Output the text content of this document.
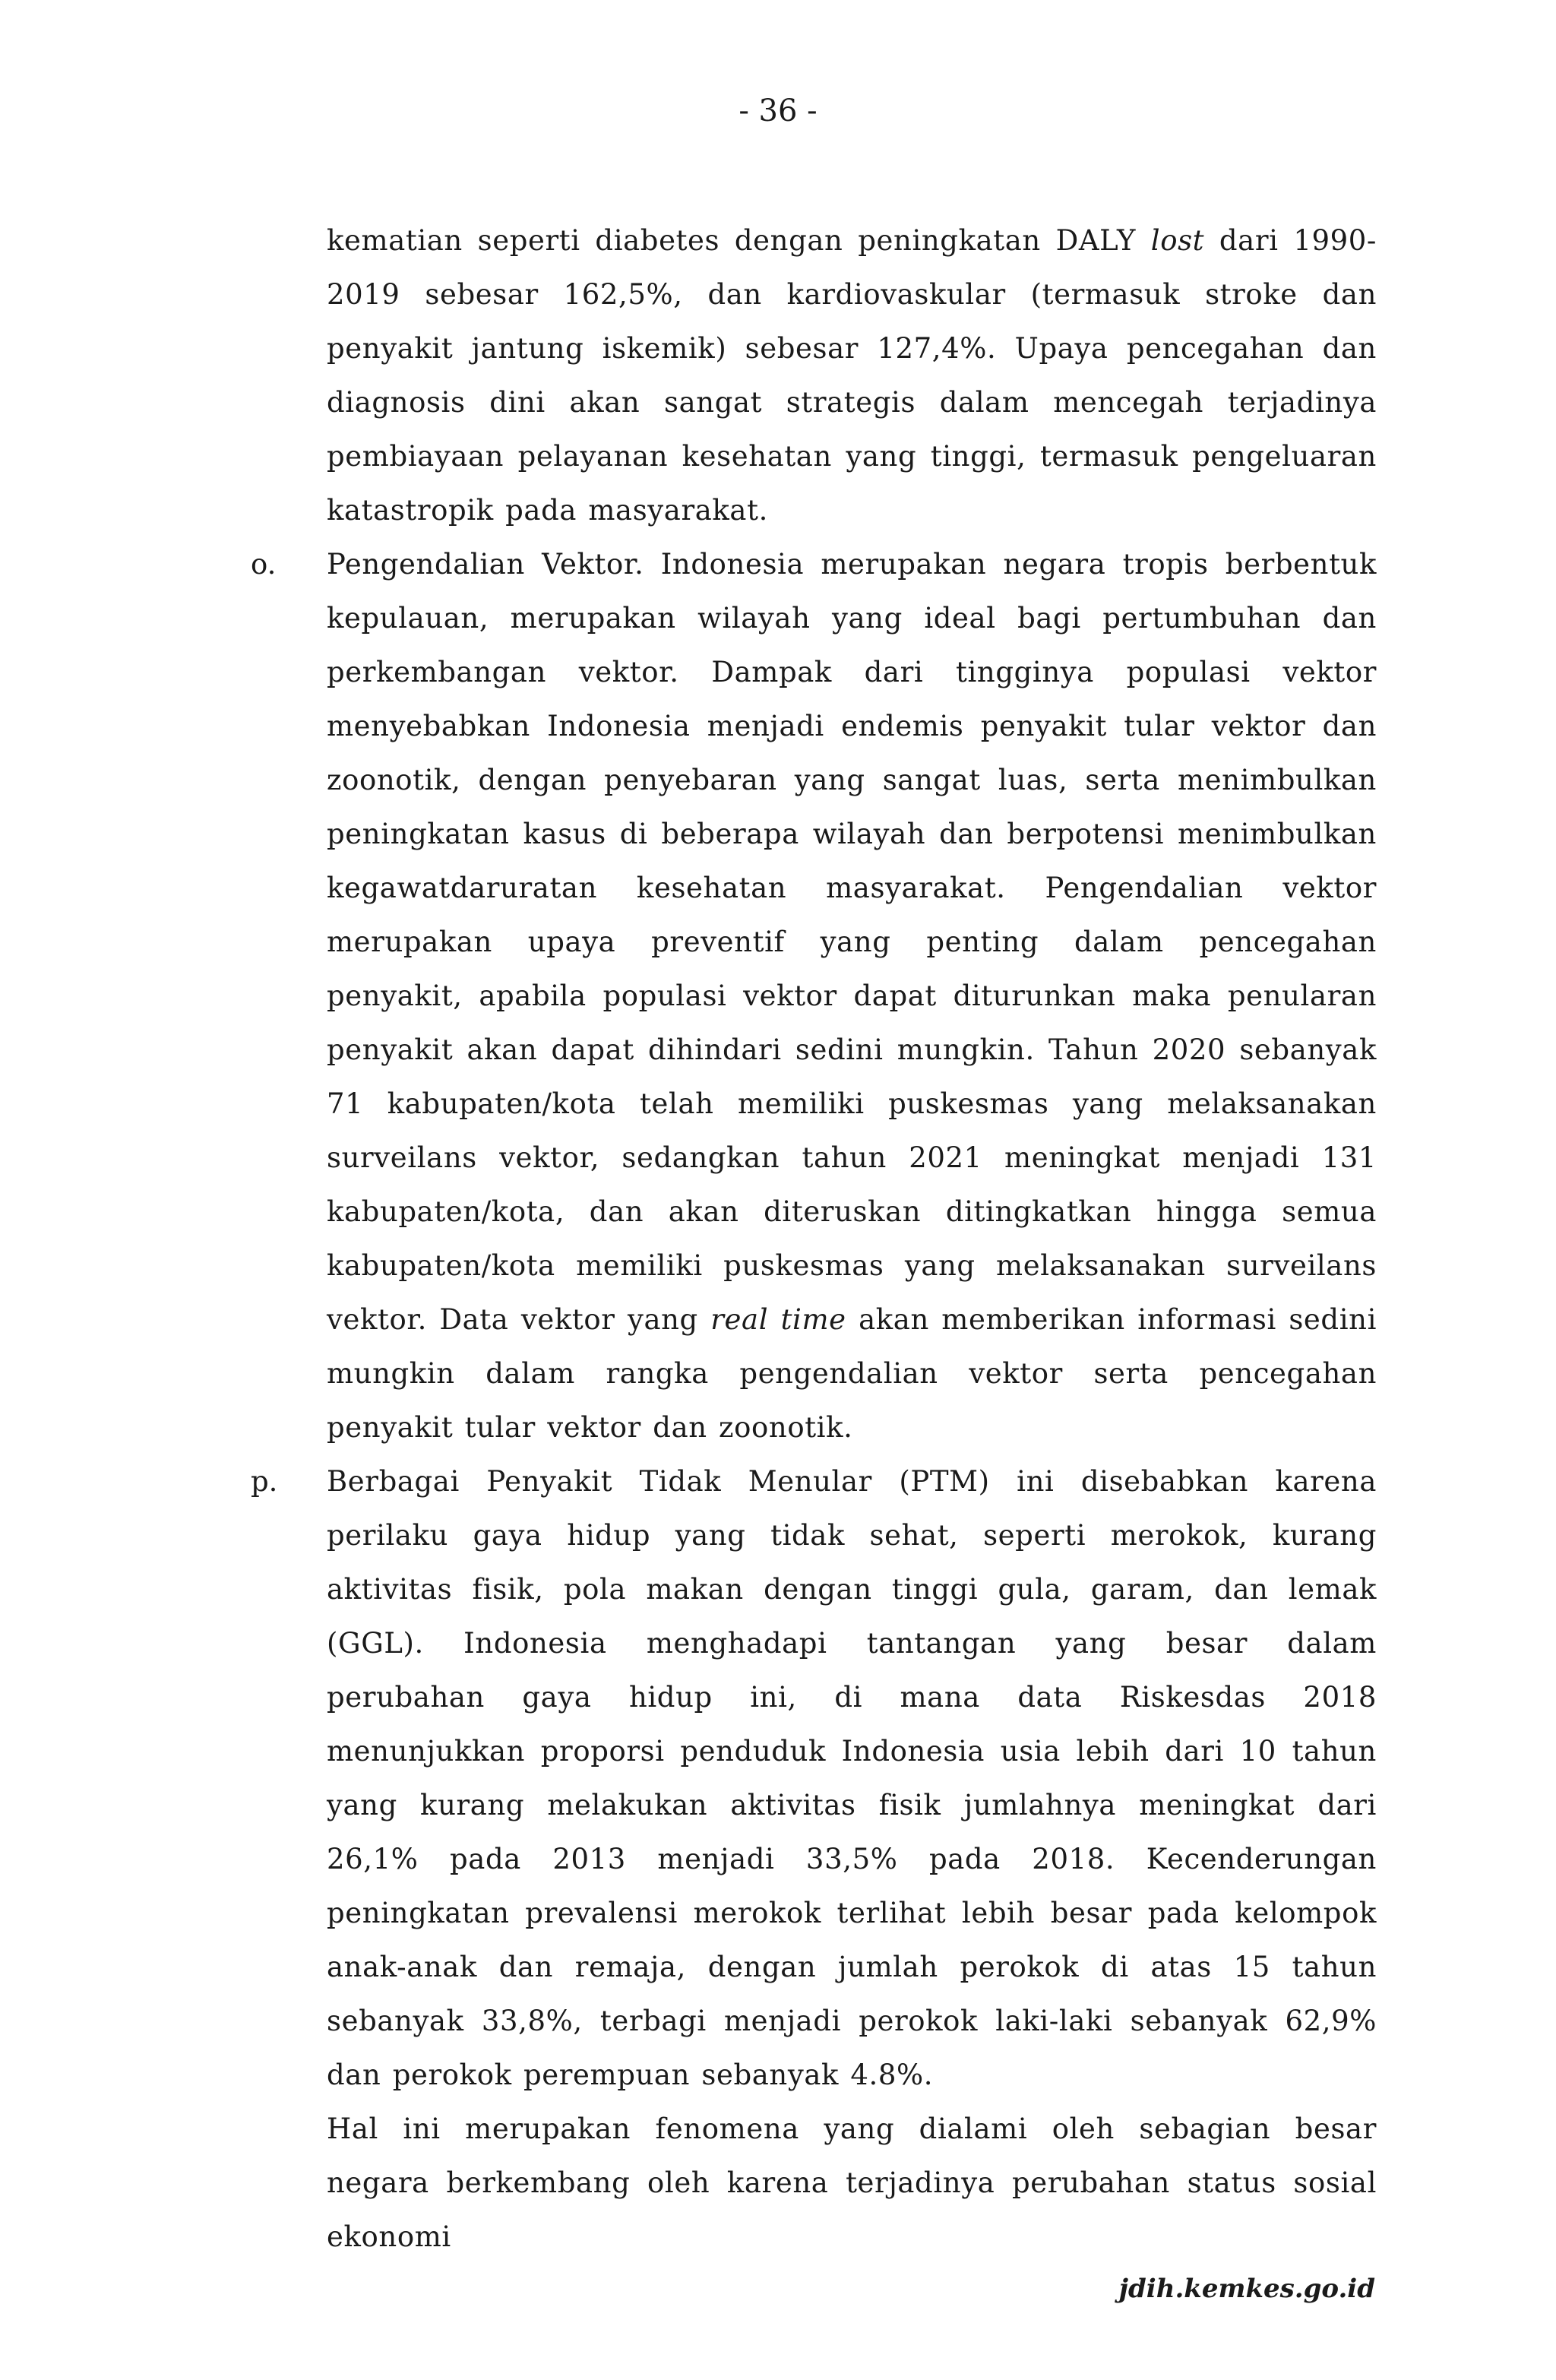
- 36 -

kematian seperti diabetes dengan peningkatan DALY lost dari 1990-2019 sebesar 162,5%, dan kardiovaskular (termasuk stroke dan penyakit jantung iskemik) sebesar 127,4%. Upaya pencegahan dan diagnosis dini akan sangat strategis dalam mencegah terjadinya pembiayaan pelayanan kesehatan yang tinggi, termasuk pengeluaran katastropik pada masyarakat.

o. Pengendalian Vektor. Indonesia merupakan negara tropis berbentuk kepulauan, merupakan wilayah yang ideal bagi pertumbuhan dan perkembangan vektor. Dampak dari tingginya populasi vektor menyebabkan Indonesia menjadi endemis penyakit tular vektor dan zoonotik, dengan penyebaran yang sangat luas, serta menimbulkan peningkatan kasus di beberapa wilayah dan berpotensi menimbulkan kegawatdaruratan kesehatan masyarakat. Pengendalian vektor merupakan upaya preventif yang penting dalam pencegahan penyakit, apabila populasi vektor dapat diturunkan maka penularan penyakit akan dapat dihindari sedini mungkin. Tahun 2020 sebanyak 71 kabupaten/kota telah memiliki puskesmas yang melaksanakan surveilans vektor, sedangkan tahun 2021 meningkat menjadi 131 kabupaten/kota, dan akan diteruskan ditingkatkan hingga semua kabupaten/kota memiliki puskesmas yang melaksanakan surveilans vektor. Data vektor yang real time akan memberikan informasi sedini mungkin dalam rangka pengendalian vektor serta pencegahan penyakit tular vektor dan zoonotik.

p. Berbagai Penyakit Tidak Menular (PTM) ini disebabkan karena perilaku gaya hidup yang tidak sehat, seperti merokok, kurang aktivitas fisik, pola makan dengan tinggi gula, garam, dan lemak (GGL). Indonesia menghadapi tantangan yang besar dalam perubahan gaya hidup ini, di mana data Riskesdas 2018 menunjukkan proporsi penduduk Indonesia usia lebih dari 10 tahun yang kurang melakukan aktivitas fisik jumlahnya meningkat dari 26,1% pada 2013 menjadi 33,5% pada 2018. Kecenderungan peningkatan prevalensi merokok terlihat lebih besar pada kelompok anak-anak dan remaja, dengan jumlah perokok di atas 15 tahun sebanyak 33,8%, terbagi menjadi perokok laki-laki sebanyak 62,9% dan perokok perempuan sebanyak 4.8%.

Hal ini merupakan fenomena yang dialami oleh sebagian besar negara berkembang oleh karena terjadinya perubahan status sosial ekonomi

jdih.kemkes.go.id
